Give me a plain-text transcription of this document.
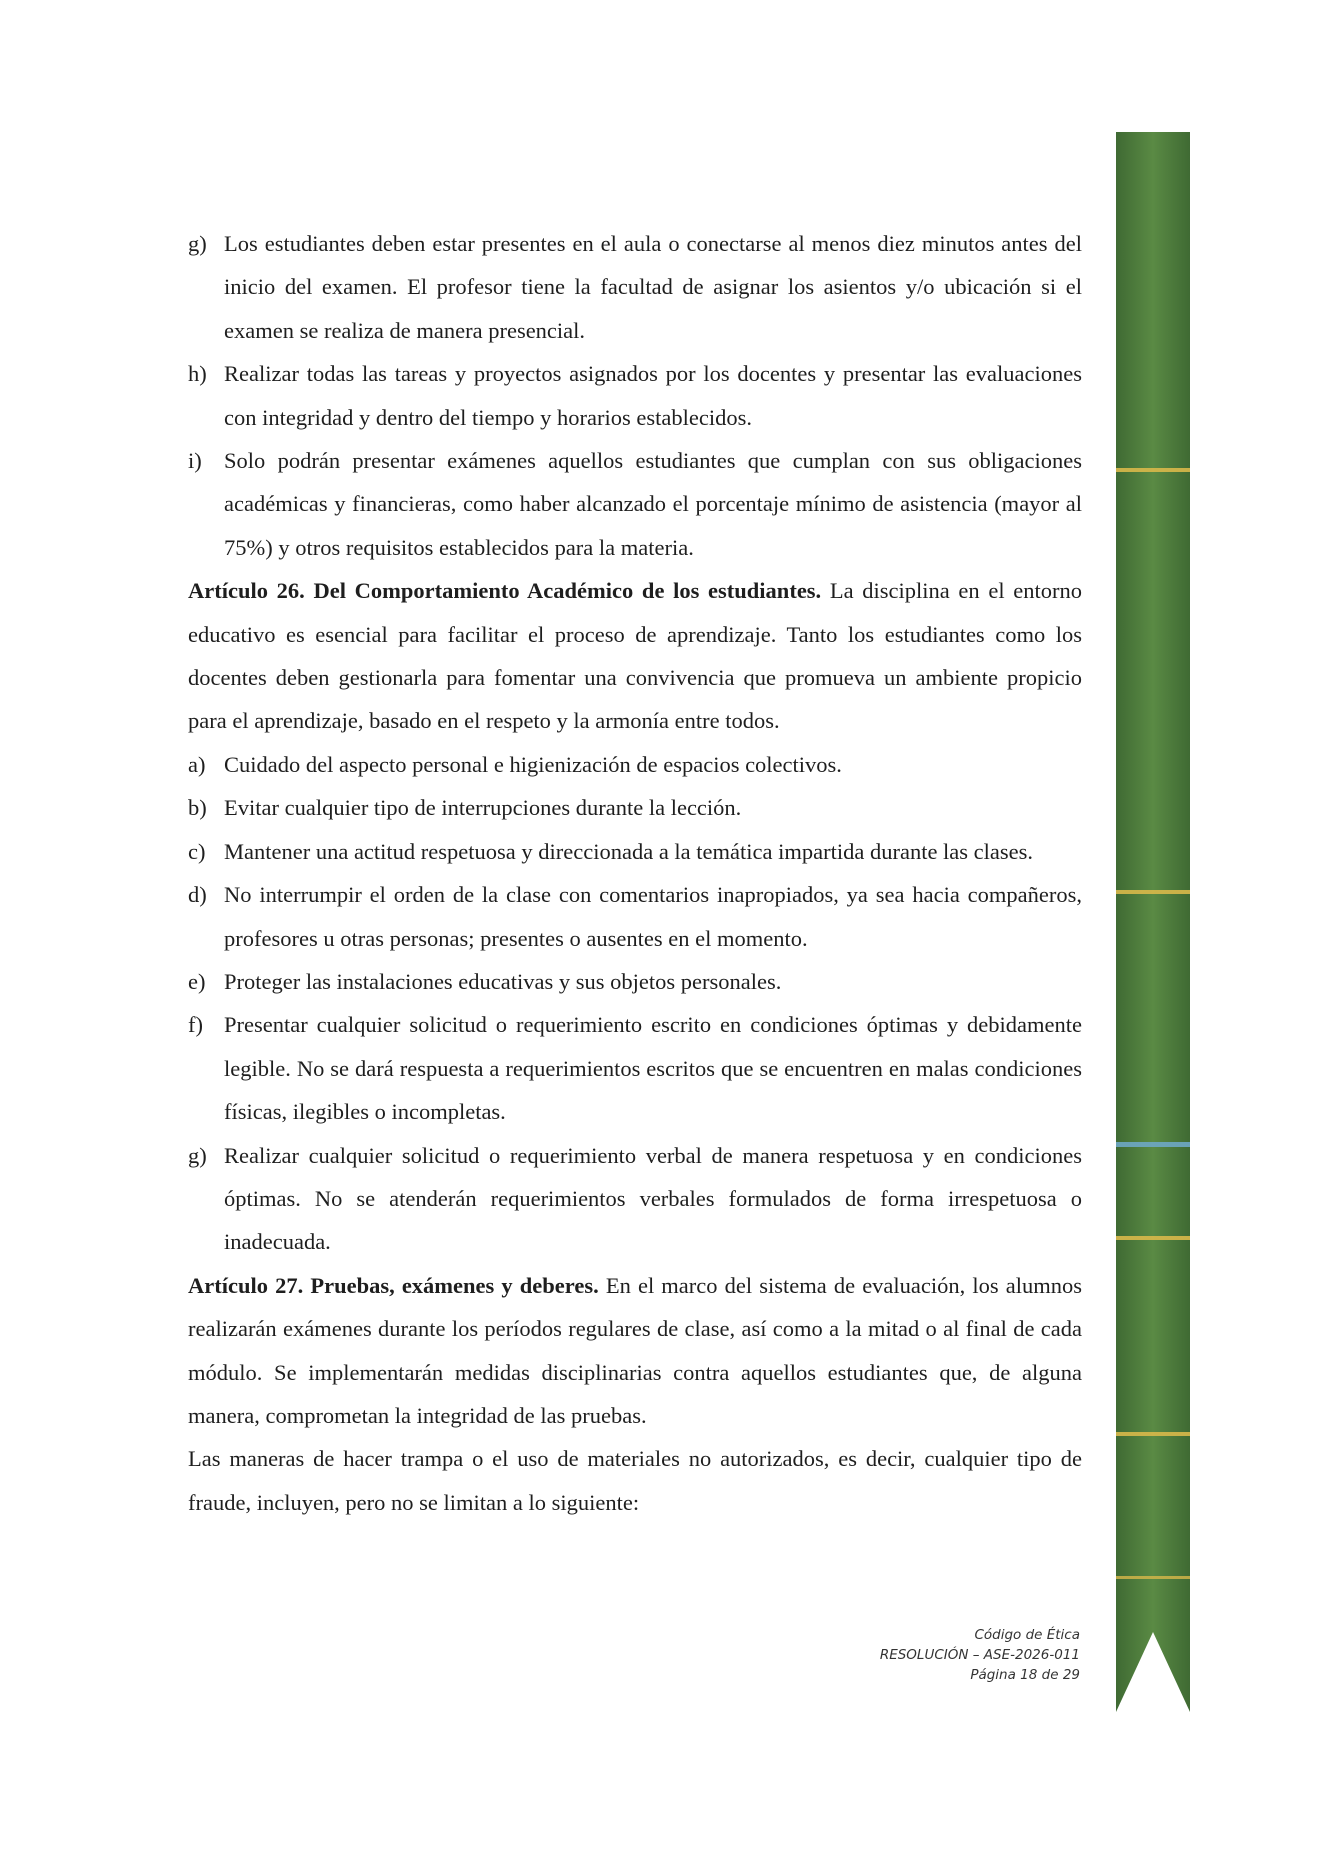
g) Los estudiantes deben estar presentes en el aula o conectarse al menos diez minutos antes del inicio del examen. El profesor tiene la facultad de asignar los asientos y/o ubicación si el examen se realiza de manera presencial.
h) Realizar todas las tareas y proyectos asignados por los docentes y presentar las evaluaciones con integridad y dentro del tiempo y horarios establecidos.
i) Solo podrán presentar exámenes aquellos estudiantes que cumplan con sus obligaciones académicas y financieras, como haber alcanzado el porcentaje mínimo de asistencia (mayor al 75%) y otros requisitos establecidos para la materia.
Artículo 26. Del Comportamiento Académico de los estudiantes. La disciplina en el entorno educativo es esencial para facilitar el proceso de aprendizaje. Tanto los estudiantes como los docentes deben gestionarla para fomentar una convivencia que promueva un ambiente propicio para el aprendizaje, basado en el respeto y la armonía entre todos.
a) Cuidado del aspecto personal e higienización de espacios colectivos.
b) Evitar cualquier tipo de interrupciones durante la lección.
c) Mantener una actitud respetuosa y direccionada a la temática impartida durante las clases.
d) No interrumpir el orden de la clase con comentarios inapropiados, ya sea hacia compañeros, profesores u otras personas; presentes o ausentes en el momento.
e) Proteger las instalaciones educativas y sus objetos personales.
f) Presentar cualquier solicitud o requerimiento escrito en condiciones óptimas y debidamente legible. No se dará respuesta a requerimientos escritos que se encuentren en malas condiciones físicas, ilegibles o incompletas.
g) Realizar cualquier solicitud o requerimiento verbal de manera respetuosa y en condiciones óptimas. No se atenderán requerimientos verbales formulados de forma irrespetuosa o inadecuada.
Artículo 27. Pruebas, exámenes y deberes. En el marco del sistema de evaluación, los alumnos realizarán exámenes durante los períodos regulares de clase, así como a la mitad o al final de cada módulo. Se implementarán medidas disciplinarias contra aquellos estudiantes que, de alguna manera, comprometan la integridad de las pruebas.
Las maneras de hacer trampa o el uso de materiales no autorizados, es decir, cualquier tipo de fraude, incluyen, pero no se limitan a lo siguiente:
Código de Ética
RESOLUCIÓN – ASE-2026-011
Página 18 de 29
